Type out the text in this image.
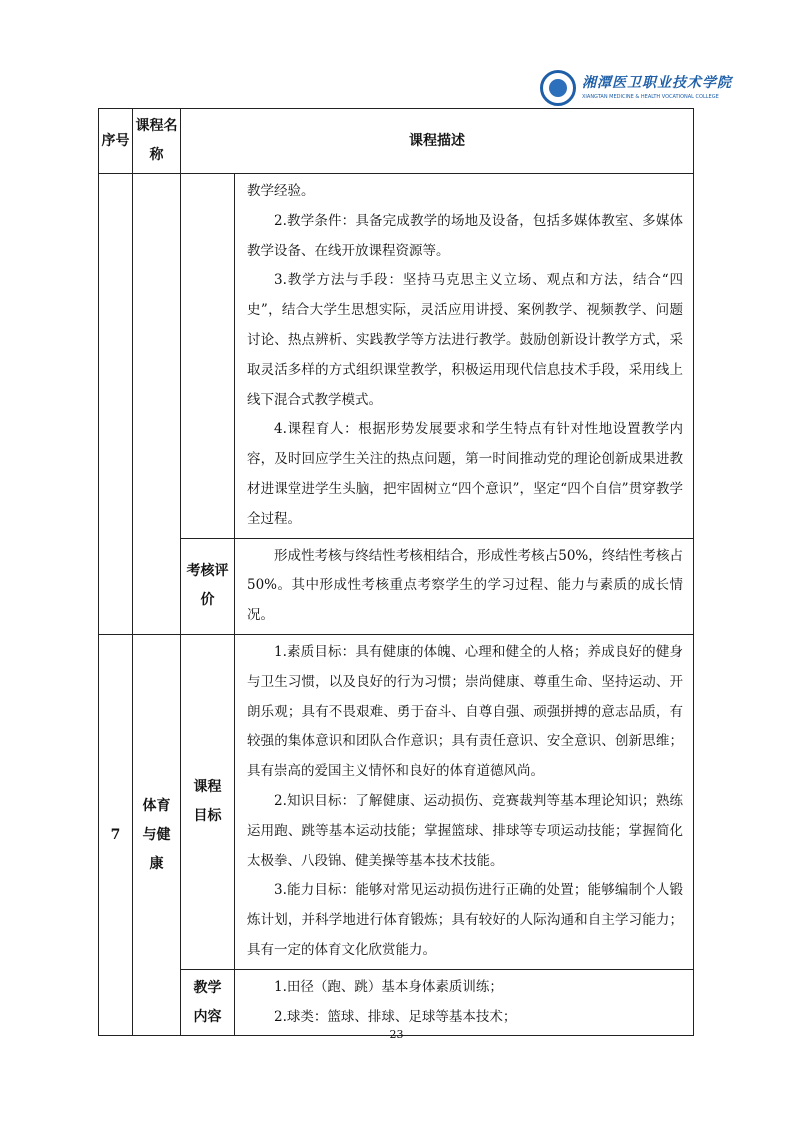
湘潭医卫职业技术学院
XIANGTAN MEDICINE & HEALTH VOCATIONAL COLLEGE
序号	课程名称	课程描述	

			教学经验。

2.教学条件：具备完成教学的场地及设备，包括多媒体教室、多媒体教学设备、在线开放课程资源等。

3.教学方法与手段：坚持马克思主义立场、观点和方法，结合“四史”，结合大学生思想实际，灵活应用讲授、案例教学、视频教学、问题讨论、热点辨析、实践教学等方法进行教学。鼓励创新设计教学方式，采取灵活多样的方式组织课堂教学，积极运用现代信息技术手段，采用线上线下混合式教学模式。

4.课程育人：根据形势发展要求和学生特点有针对性地设置教学内容，及时回应学生关注的热点问题，第一时间推动党的理论创新成果进教材进课堂进学生头脑，把牢固树立“四个意识”，坚定“四个自信”贯穿教学全过程。

		考核评价	形成性考核与终结性考核相结合，形成性考核占50%，终结性考核占50%。其中形成性考核重点考察学生的学习过程、能力与素质的成长情况。

7	体育与健康	课程目标	1.素质目标：具有健康的体魄、心理和健全的人格；养成良好的健身与卫生习惯，以及良好的行为习惯；崇尚健康、尊重生命、坚持运动、开朗乐观；具有不畏艰难、勇于奋斗、自尊自强、顽强拼搏的意志品质，有较强的集体意识和团队合作意识；具有责任意识、安全意识、创新思维；具有崇高的爱国主义情怀和良好的体育道德风尚。

2.知识目标：了解健康、运动损伤、竞赛裁判等基本理论知识；熟练运用跑、跳等基本运动技能；掌握篮球、排球等专项运动技能；掌握简化太极拳、八段锦、健美操等基本技术技能。

3.能力目标：能够对常见运动损伤进行正确的处置；能够编制个人锻炼计划，并科学地进行体育锻炼；具有较好的人际沟通和自主学习能力；具有一定的体育文化欣赏能力。

		教学内容	1.田径（跑、跳）基本身体素质训练；

2.球类：篮球、排球、足球等基本技术；

23
